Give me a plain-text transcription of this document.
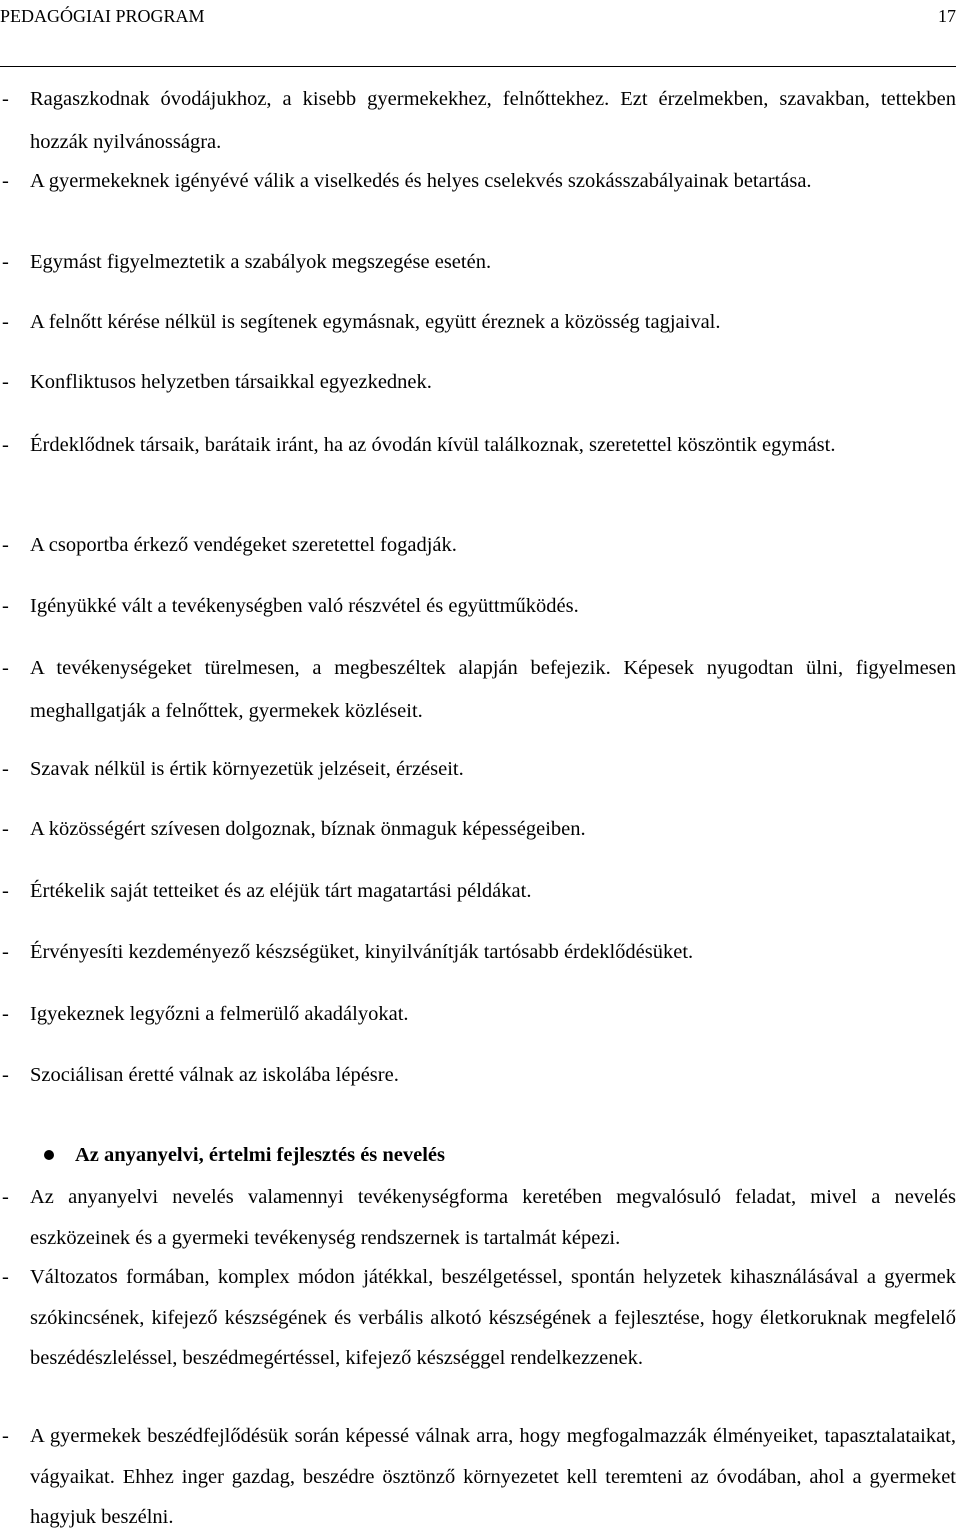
PEDAGÓGIAI PROGRAM	17
- Ragaszkodnak óvodájukhoz, a kisebb gyermekekhez, felnőttekhez. Ezt érzelmekben, szavakban, tettekben hozzák nyilvánosságra.
- A gyermekeknek igényévé válik a viselkedés és helyes cselekvés szokásszabályainak betartása.
- Egymást figyelmeztetik a szabályok megszegése esetén.
- A felnőtt kérése nélkül is segítenek egymásnak, együtt éreznek a közösség tagjaival.
- Konfliktusos helyzetben társaikkal egyezkednek.
- Érdeklődnek társaik, barátaik iránt, ha az óvodán kívül találkoznak, szeretettel köszöntik egymást.
- A csoportba érkező vendégeket szeretettel fogadják.
- Igényükké vált a tevékenységben való részvétel és együttműködés.
- A tevékenységeket türelmesen, a megbeszéltek alapján befejezik. Képesek nyugodtan ülni, figyelmesen meghallgatják a felnőttek, gyermekek közléseit.
- Szavak nélkül is értik környezetük jelzéseit, érzéseit.
- A közösségért szívesen dolgoznak, bíznak önmaguk képességeiben.
- Értékelik saját tetteiket és az eléjük tárt magatartási példákat.
- Érvényesíti kezdeményező készségüket, kinyilvánítják tartósabb érdeklődésüket.
- Igyekeznek legyőzni a felmerülő akadályokat.
- Szociálisan éretté válnak az iskolába lépésre.
Az anyanyelvi, értelmi fejlesztés és nevelés
- Az anyanyelvi nevelés valamennyi tevékenységforma keretében megvalósuló feladat, mivel a nevelés eszközeinek és a gyermeki tevékenység rendszernek is tartalmát képezi.
- Változatos formában, komplex módon játékkal, beszélgetéssel, spontán helyzetek kihasználásával a gyermek szókincsének, kifejező készségének és verbális alkotó készségének a fejlesztése, hogy életkoruknak megfelelő beszédészleléssel, beszédmegértéssel, kifejező készséggel rendelkezzenek.
- A gyermekek beszédfejlődésük során képessé válnak arra, hogy megfogalmazzák élményeiket, tapasztalataikat, vágyaikat. Ehhez inger gazdag, beszédre ösztönző környezetet kell teremteni az óvodában, ahol a gyermeket hagyjuk beszélni.
